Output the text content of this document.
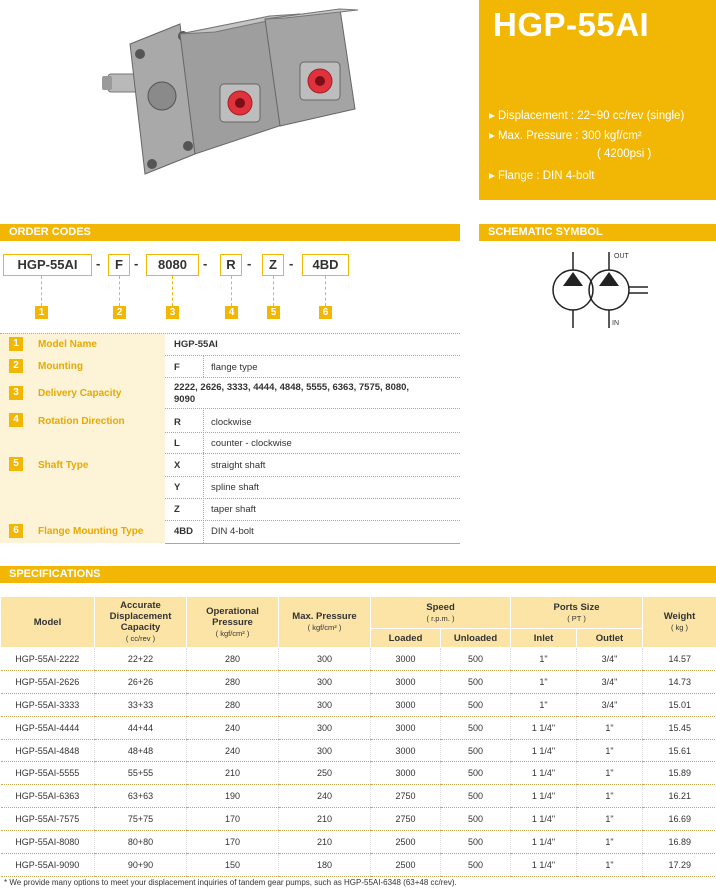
HGP-55AI
▸ Displacement : 22~90 cc/rev (single)
▸ Max. Pressure : 300 kgf/cm²
( 4200psi )
▸ Flange : DIN 4-bolt
ORDER CODES	SCHEMATIC SYMBOL
HGP-55AI	-	F -	8080	-	R -	Z -	4BD
1	2	3	4	5	6
OUT
IN
1	Model Name	HGP-55AI
2	Mounting	F	flange type
3	Delivery Capacity
2222, 2626, 3333, 4444, 4848, 5555, 6363, 7575, 8080,
9090
4	Rotation Direction	R	clockwise
L	counter - clockwise
5	Shaft Type	X	straight shaft
Y	spline shaft
Z	taper shaft
6	Flange Mounting Type	4BD DIN 4-bolt
SPECIFICATIONS
Model	Accurate Displacement Capacity
( cc/rev )	Operational Pressure
( kgf/cm² )	Max. Pressure
( kgf/cm² )	Speed
( r.p.m. )		Ports Size
( PT )		Weight
( kg )

				Loaded	Unloaded	Inlet	Outlet	
HGP-55AI-2222	22+22	280	300	3000	500	1"	3/4"	14.57
HGP-55AI-2626	26+26	280	300	3000	500	1"	3/4"	14.73
HGP-55AI-3333	33+33	280	300	3000	500	1"	3/4"	15.01
HGP-55AI-4444	44+44	240	300	3000	500	1 1/4"	1"	15.45
HGP-55AI-4848	48+48	240	300	3000	500	1 1/4"	1"	15.61
HGP-55AI-5555	55+55	210	250	3000	500	1 1/4"	1"	15.89
HGP-55AI-6363	63+63	190	240	2750	500	1 1/4"	1"	16.21
HGP-55AI-7575	75+75	170	210	2750	500	1 1/4"	1"	16.69
HGP-55AI-8080	80+80	170	210	2500	500	1 1/4"	1"	16.89
HGP-55AI-9090	90+90	150	180	2500	500	1 1/4"	1"	17.29
* We provide many options to meet your displacement inquiries of tandem gear pumps, such as HGP-55AI-6348 (63+48 cc/rev).
